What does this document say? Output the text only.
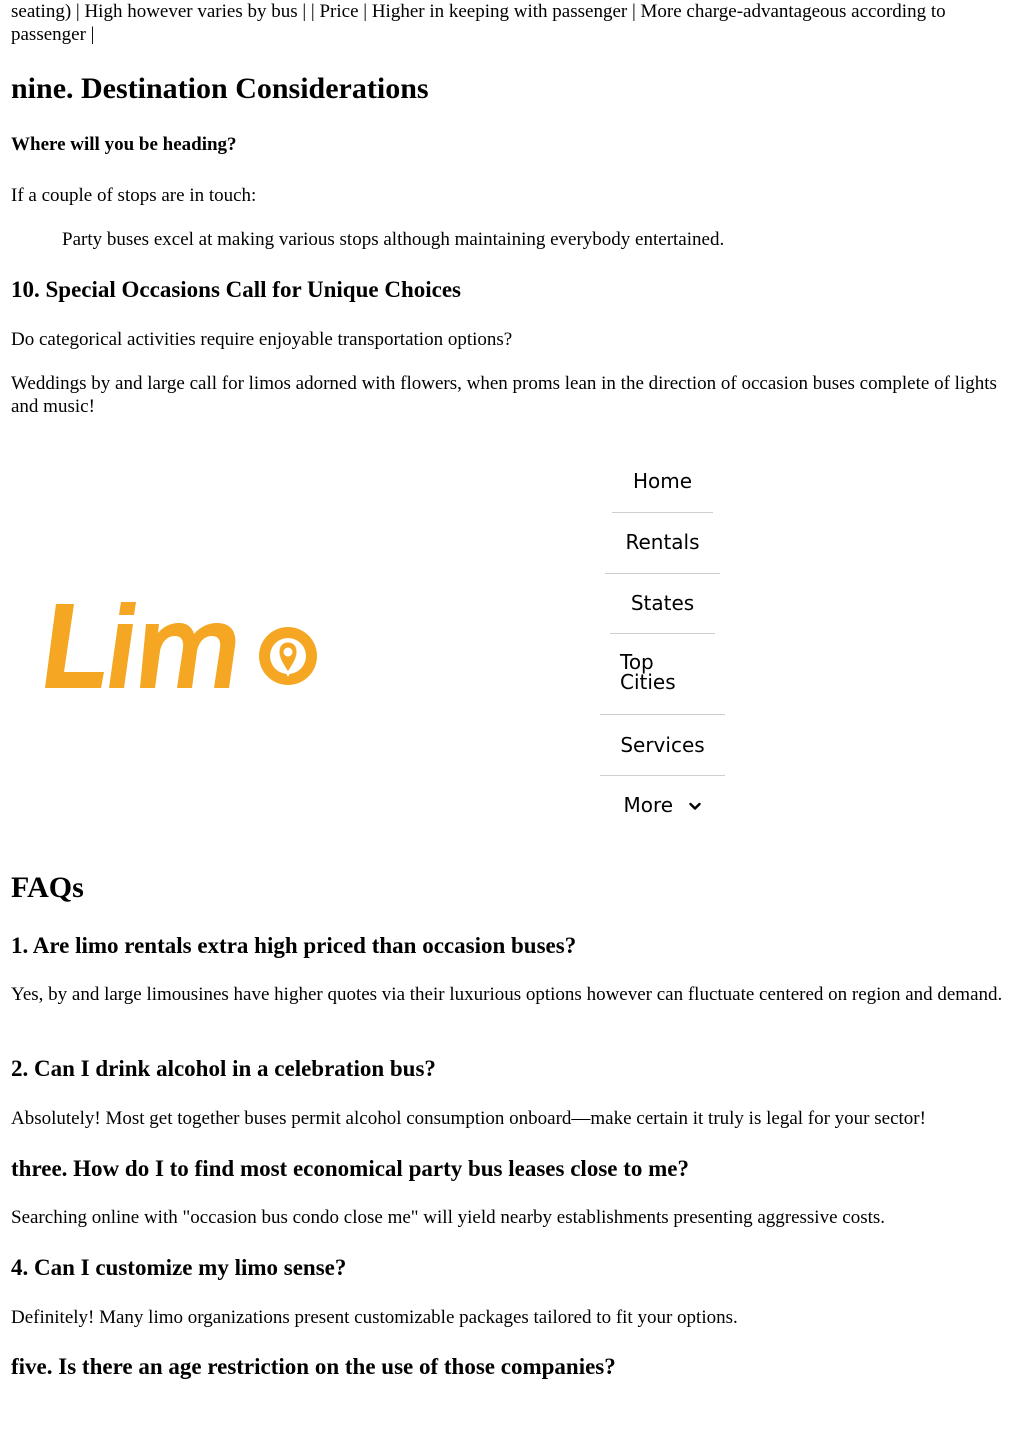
seating) | High however varies by bus | | Price | Higher in keeping with passenger | More charge-advantageous according to passenger |

nine. Destination Considerations
Where will you be heading?

If a couple of stops are in touch:

Party buses excel at making various stops although maintaining everybody entertained.
10. Special Occasions Call for Unique Choices

Do categorical activities require enjoyable transportation options?

Weddings by and large call for limos adorned with flowers, when proms lean in the direction of occasion buses complete of lights and music!

FAQs
1. Are limo rentals extra high priced than occasion buses?

Yes, by and large limousines have higher quotes via their luxurious options however can fluctuate centered on region and demand.

2. Can I drink alcohol in a celebration bus?

Absolutely! Most get together buses permit alcohol consumption onboard—make certain it truly is legal for your sector!

three. How do I to find most economical party bus leases close to me?

Searching online with "occasion bus condo close me" will yield nearby establishments presenting aggressive costs.

4. Can I customize my limo sense?

Definitely! Many limo organizations present customizable packages tailored to fit your options.

five. Is there an age restriction on the use of those companies?
Limo
Home
Rentals
States
Top
Cities
Services
More
